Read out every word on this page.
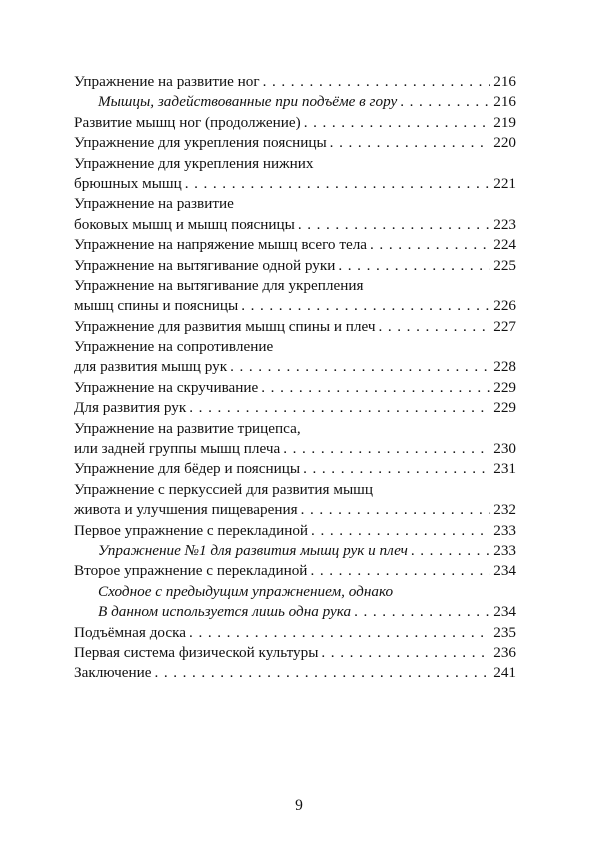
Упражнение на развитие ног . . .	216
Мышцы, задействованные при подъёме в гору . . .	216
Развитие мышц ног (продолжение) . . .	219
Упражнение для укрепления поясницы . . .	220
Упражнение для укрепления нижних
брюшных мышц . . .	221
Упражнение на развитие
боковых мышц и мышц поясницы . . .	223
Упражнение на напряжение мышц всего тела . . .	224
Упражнение на вытягивание одной руки . . .	225
Упражнение на вытягивание для укрепления
мышц спины и поясницы . . .	226
Упражнение для развития мышц спины и плеч . . .	227
Упражнение на сопротивление
для развития мышц рук . . .	228
Упражнение на скручивание . . .	229
Для развития рук . . .	229
Упражнение на развитие трицепса,
или задней группы мышц плеча . . .	230
Упражнение для бёдер и поясницы . . .	231
Упражнение с перкуссией для развития мышц
живота и улучшения пищеварения . . .	232
Первое упражнение с перекладиной . . .	233
Упражнение №1 для развития мышц рук и плеч . . .	233
Второе упражнение с перекладиной . . .	234
Сходное с предыдущим упражнением, однако
В данном используется лишь одна рука . . .	234
Подъёмная доска . . .	235
Первая система физической культуры . . .	236
Заключение . . .	241
9
